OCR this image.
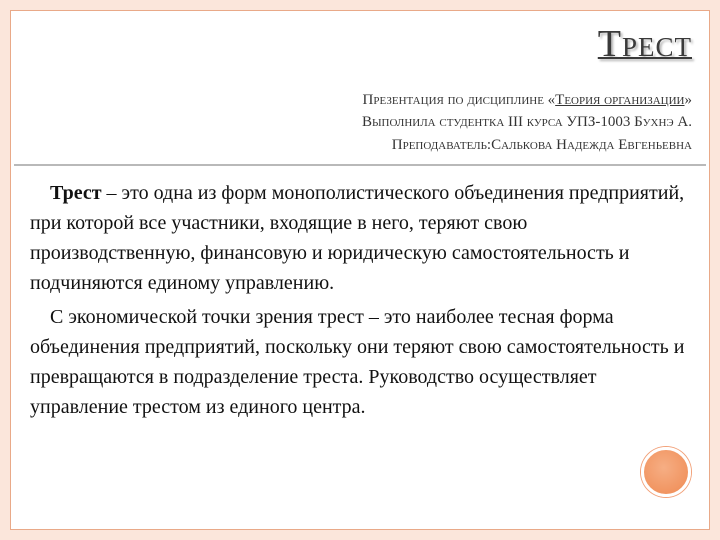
Трест
Презентация по дисциплине «Теория организации»
Выполнила студентка III курса УПЗ-1003 Бухнэ А.
Преподаватель:Салькова Надежда Евгеньевна

Трест – это одна из форм монополистического объединения предприятий, при которой все участники, входящие в него, теряют свою производственную, финансовую и юридическую самостоятельность и подчиняются единому управлению.

С экономической точки зрения трест – это наиболее тесная форма объединения предприятий, поскольку они теряют свою самостоятельность и превращаются в подразделение треста. Руководство осуществляет управление трестом из единого центра.
